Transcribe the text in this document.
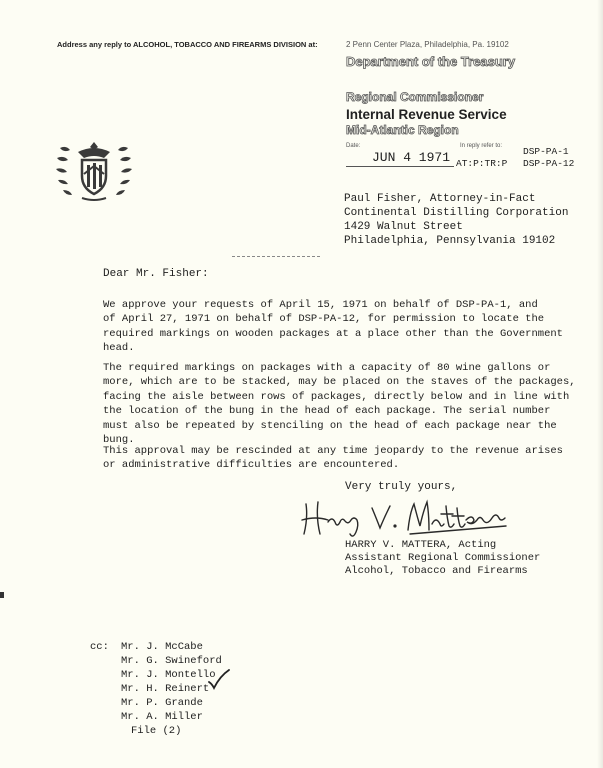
Address any reply to ALCOHOL, TOBACCO AND FIREARMS DIVISION at:	2 Penn Center Plaza, Philadelphia, Pa. 19102
Department of the Treasury
Regional Commissioner
Internal Revenue Service
Mid-Atlantic Region
Date:	In reply refer to:
JUN 4 1971 AT:P:TR:P
DSP-PA-1
DSP-PA-12
Paul Fisher, Attorney-in-Fact
Continental Distilling Corporation
1429 Walnut Street
Philadelphia, Pennsylvania 19102
Dear Mr. Fisher:
We approve your requests of April 15, 1971 on behalf of DSP-PA-1, and
of April 27, 1971 on behalf of DSP-PA-12, for permission to locate the
required markings on wooden packages at a place other than the Government
head.
The required markings on packages with a capacity of 80 wine gallons or
more, which are to be stacked, may be placed on the staves of the packages,
facing the aisle between rows of packages, directly below and in line with
the location of the bung in the head of each package. The serial number
must also be repeated by stenciling on the head of each package near the
bung.
This approval may be rescinded at any time jeopardy to the revenue arises
or administrative difficulties are encountered.
Very truly yours,
HARRY V. MATTERA, Acting
Assistant Regional Commissioner
Alcohol, Tobacco and Firearms
cc: Mr. J. McCabe
Mr. G. Swineford
Mr. J. Montello
Mr. H. Reinert
Mr. P. Grande
Mr. A. Miller
File (2)
